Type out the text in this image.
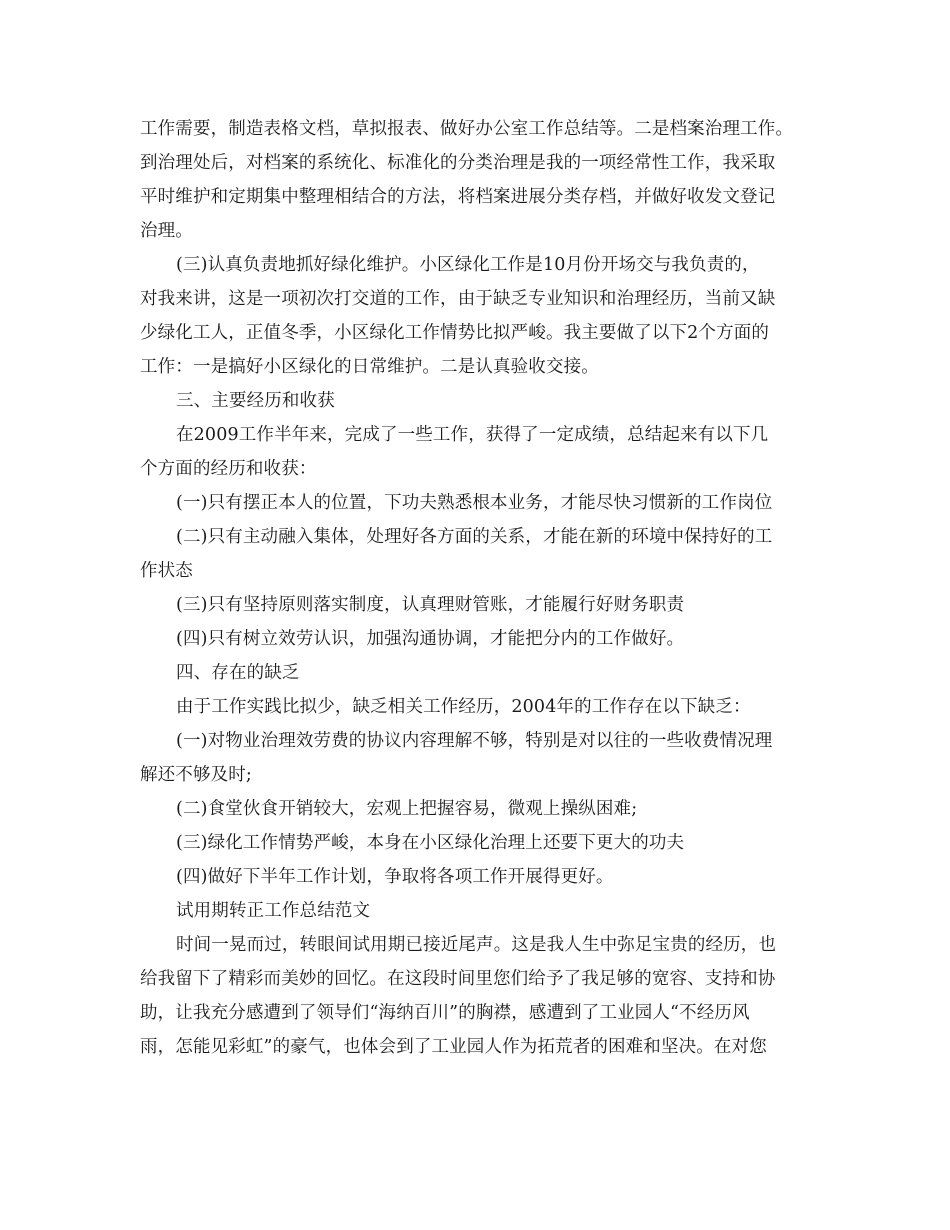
工作需要，制造表格文档，草拟报表、做好办公室工作总结等。二是档案治理工作。
到治理处后，对档案的系统化、标准化的分类治理是我的一项经常性工作，我采取
平时维护和定期集中整理相结合的方法，将档案进展分类存档，并做好收发文登记
治理。
(三)认真负责地抓好绿化维护。小区绿化工作是10月份开场交与我负责的，
对我来讲，这是一项初次打交道的工作，由于缺乏专业知识和治理经历，当前又缺
少绿化工人，正值冬季，小区绿化工作情势比拟严峻。我主要做了以下2个方面的
工作：一是搞好小区绿化的日常维护。二是认真验收交接。
三、主要经历和收获
在2009工作半年来，完成了一些工作，获得了一定成绩，总结起来有以下几
个方面的经历和收获：
(一)只有摆正本人的位置，下功夫熟悉根本业务，才能尽快习惯新的工作岗位
(二)只有主动融入集体，处理好各方面的关系，才能在新的环境中保持好的工
作状态
(三)只有坚持原则落实制度，认真理财管账，才能履行好财务职责
(四)只有树立效劳认识，加强沟通协调，才能把分内的工作做好。
四、存在的缺乏
由于工作实践比拟少，缺乏相关工作经历，2004年的工作存在以下缺乏：
(一)对物业治理效劳费的协议内容理解不够，特别是对以往的一些收费情况理
解还不够及时;
(二)食堂伙食开销较大，宏观上把握容易，微观上操纵困难;
(三)绿化工作情势严峻，本身在小区绿化治理上还要下更大的功夫
(四)做好下半年工作计划，争取将各项工作开展得更好。
试用期转正工作总结范文
时间一晃而过，转眼间试用期已接近尾声。这是我人生中弥足宝贵的经历，也
给我留下了精彩而美妙的回忆。在这段时间里您们给予了我足够的宽容、支持和协
助，让我充分感遭到了领导们“海纳百川”的胸襟，感遭到了工业园人“不经历风
雨，怎能见彩虹”的豪气，也体会到了工业园人作为拓荒者的困难和坚决。在对您
